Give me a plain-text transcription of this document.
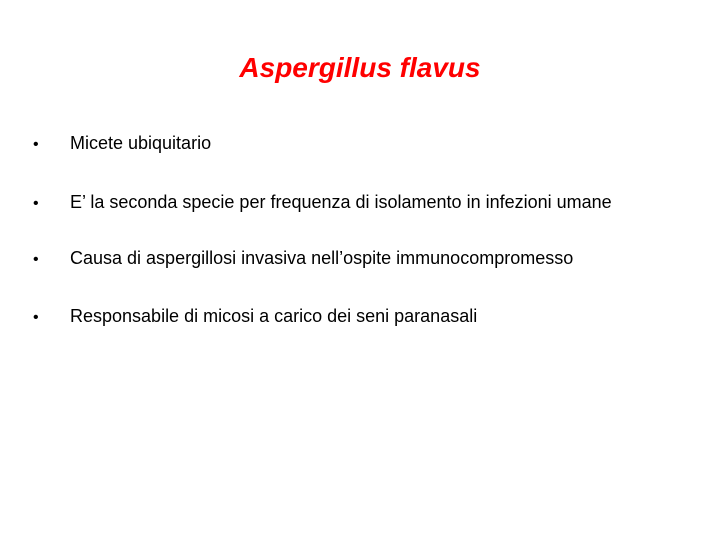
Aspergillus flavus
• Micete ubiquitario
• E’ la seconda specie per frequenza di isolamento in infezioni umane
• Causa di aspergillosi invasiva nell’ospite immunocompromesso
• Responsabile di micosi a carico dei seni paranasali
